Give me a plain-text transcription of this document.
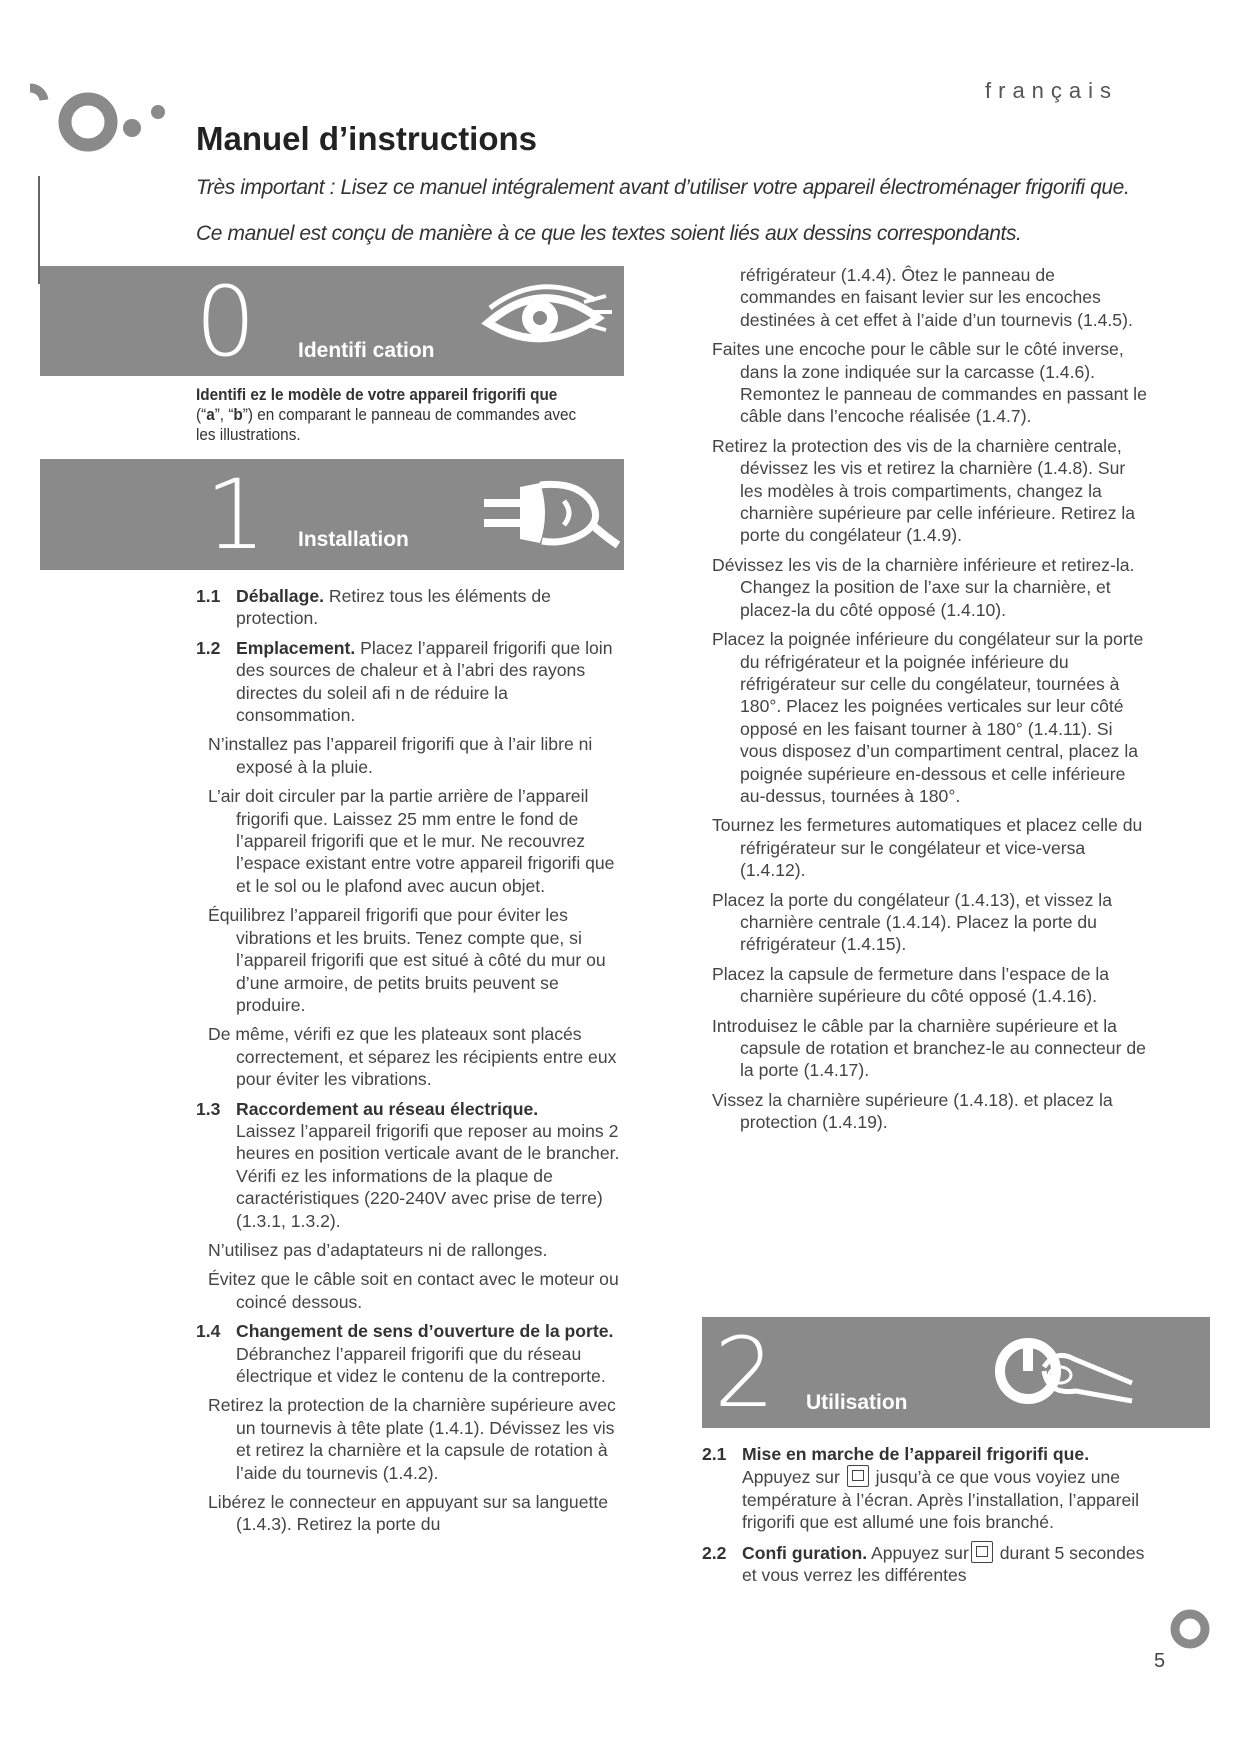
français
Manuel d’instructions
Très important : Lisez ce manuel intégralement avant d’utiliser votre appareil électroménager frigorifi que.
Ce manuel est conçu de manière à ce que les textes soient liés aux dessins correspondants.
0 Identifi cation
Identifi ez le modèle de votre appareil frigorifi que (“a”, “b”) en comparant le panneau de commandes avec les illustrations.
1 Installation

1.1 Déballage. Retirez tous les éléments de protection.

1.2 Emplacement. Placez l’appareil frigorifi que loin des sources de chaleur et à l’abri des rayons directes du soleil afi n de réduire la consommation.

N’installez pas l’appareil frigorifi que à l’air libre ni exposé à la pluie.

L’air doit circuler par la partie arrière de l’appareil frigorifi que. Laissez 25 mm entre le fond de l’appareil frigorifi que et le mur. Ne recouvrez l’espace existant entre votre appareil frigorifi que et le sol ou le plafond avec aucun objet.

Équilibrez l’appareil frigorifi que pour éviter les vibrations et les bruits. Tenez compte que, si l’appareil frigorifi que est situé à côté du mur ou d’une armoire, de petits bruits peuvent se produire.

De même, vérifi ez que les plateaux sont placés correctement, et séparez les récipients entre eux pour éviter les vibrations.

1.3 Raccordement au réseau électrique.
Laissez l’appareil frigorifi que reposer au moins 2 heures en position verticale avant de le brancher. Vérifi ez les informations de la plaque de caractéristiques (220-240V avec prise de terre) (1.3.1, 1.3.2).

N’utilisez pas d’adaptateurs ni de rallonges.

Évitez que le câble soit en contact avec le moteur ou coincé dessous.

1.4 Changement de sens d’ouverture de la porte. Débranchez l’appareil frigorifi que du réseau électrique et videz le contenu de la contreporte.

Retirez la protection de la charnière supérieure avec un tournevis à tête plate (1.4.1). Dévissez les vis et retirez la charnière et la capsule de rotation à l’aide du tournevis (1.4.2).

Libérez le connecteur en appuyant sur sa languette (1.4.3). Retirez la porte du

réfrigérateur (1.4.4). Ôtez le panneau de commandes en faisant levier sur les encoches destinées à cet effet à l’aide d’un tournevis (1.4.5).

Faites une encoche pour le câble sur le côté inverse, dans la zone indiquée sur la carcasse (1.4.6). Remontez le panneau de commandes en passant le câble dans l’encoche réalisée (1.4.7).

Retirez la protection des vis de la charnière centrale, dévissez les vis et retirez la charnière (1.4.8). Sur les modèles à trois compartiments, changez la charnière supérieure par celle inférieure. Retirez la porte du congélateur (1.4.9).

Dévissez les vis de la charnière inférieure et retirez-la. Changez la position de l’axe sur la charnière, et placez-la du côté opposé (1.4.10).

Placez la poignée inférieure du congélateur sur la porte du réfrigérateur et la poignée inférieure du réfrigérateur sur celle du congélateur, tournées à 180°. Placez les poignées verticales sur leur côté opposé en les faisant tourner à 180° (1.4.11). Si vous disposez d’un compartiment central, placez la poignée supérieure en-dessous et celle inférieure au-dessus, tournées à 180°.

Tournez les fermetures automatiques et placez celle du réfrigérateur sur le congélateur et vice-versa (1.4.12).

Placez la porte du congélateur (1.4.13), et vissez la charnière centrale (1.4.14). Placez la porte du réfrigérateur (1.4.15).

Placez la capsule de fermeture dans l’espace de la charnière supérieure du côté opposé (1.4.16).

Introduisez le câble par la charnière supérieure et la capsule de rotation et branchez-le au connecteur de la porte (1.4.17).

Vissez la charnière supérieure (1.4.18). et placez la protection (1.4.19).

2 Utilisation

2.1 Mise en marche de l’appareil frigorifi que.
Appuyez sur  jusqu’à ce que vous voyiez une température à l’écran. Après l’installation, l’appareil frigorifi que est allumé une fois branché.

2.2 Confi guration. Appuyez sur durant 5 secondes et vous verrez les différentes

5
